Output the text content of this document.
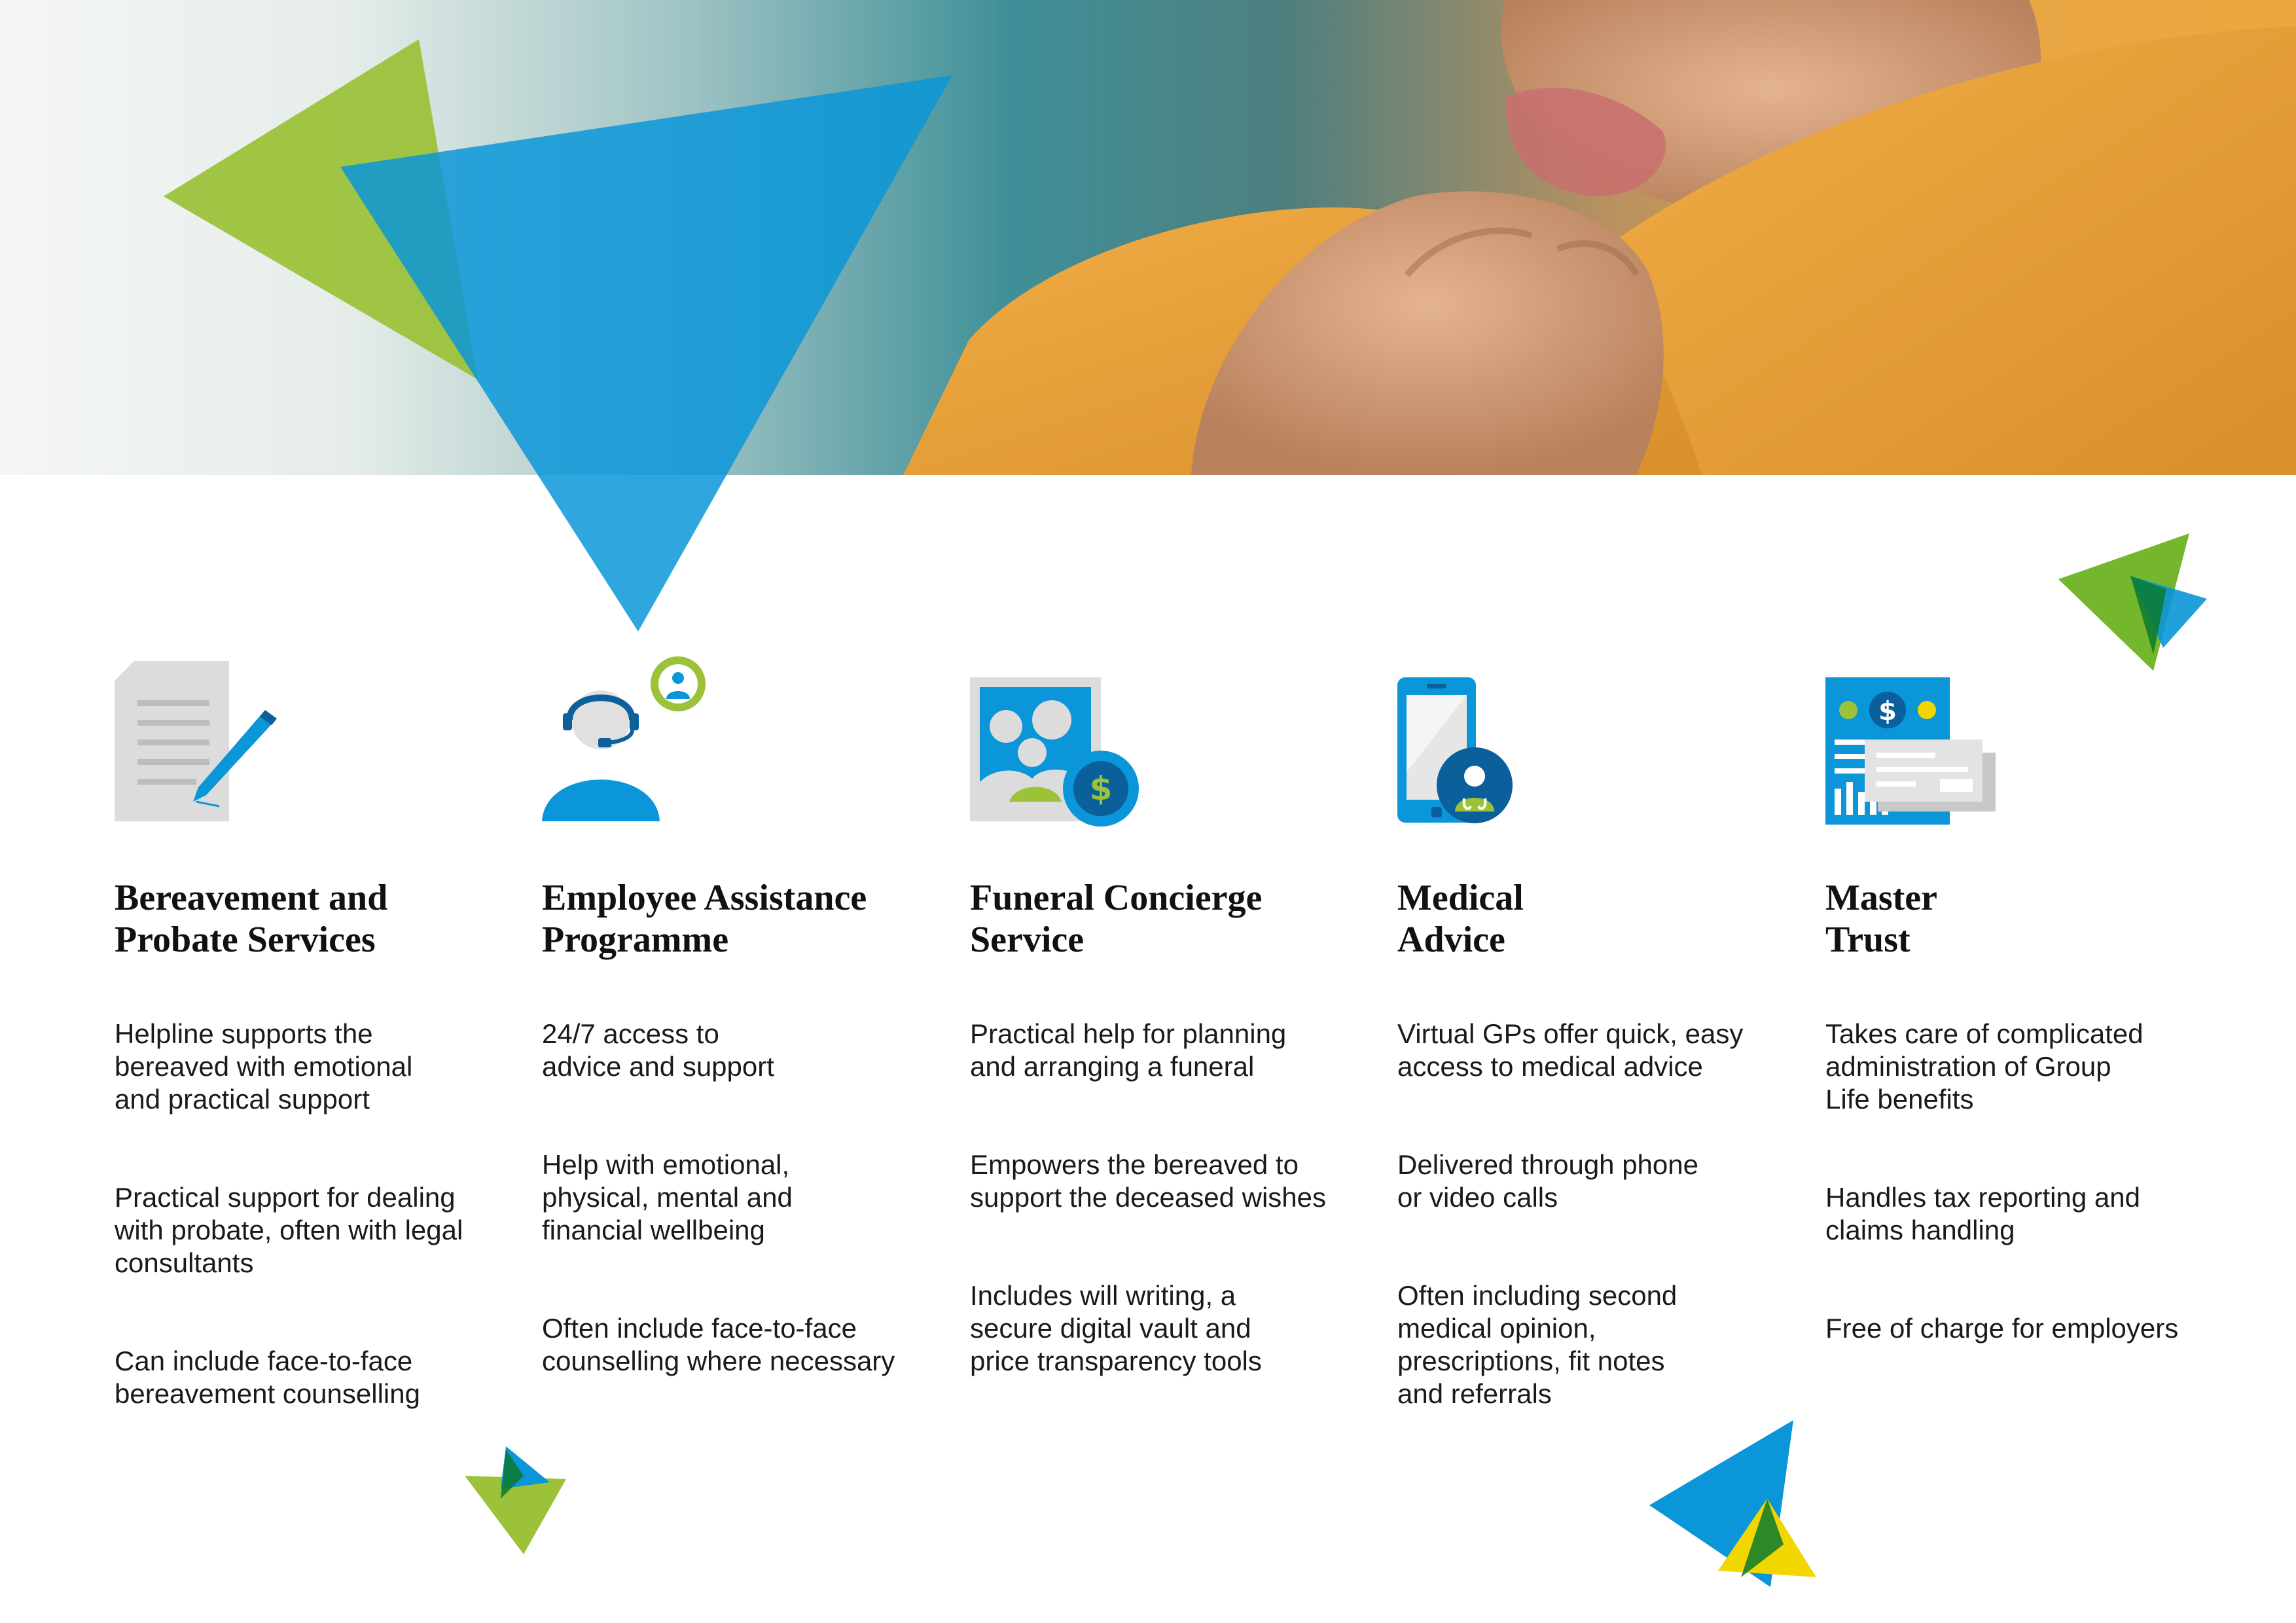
Bereavement and
Probate Services
Helpline supports the
bereaved with emotional
and practical support
Practical support for dealing
with probate, often with legal
consultants
Can include face-to-face
bereavement counselling
Employee Assistance
Programme
24/7 access to
advice and support
Help with emotional,
physical, mental and
financial wellbeing
Often include face-to-face
counselling where necessary
$
Funeral Concierge
Service
Practical help for planning
and arranging a funeral
Empowers the bereaved to
support the deceased wishes
Includes will writing, a
secure digital vault and
price transparency tools
Medical
Advice
Virtual GPs offer quick, easy
access to medical advice
Delivered through phone
or video calls
Often including second
medical opinion,
prescriptions, fit notes
and referrals
$
Master
Trust
Takes care of complicated
administration of Group
Life benefits
Handles tax reporting and
claims handling
Free of charge for employers
